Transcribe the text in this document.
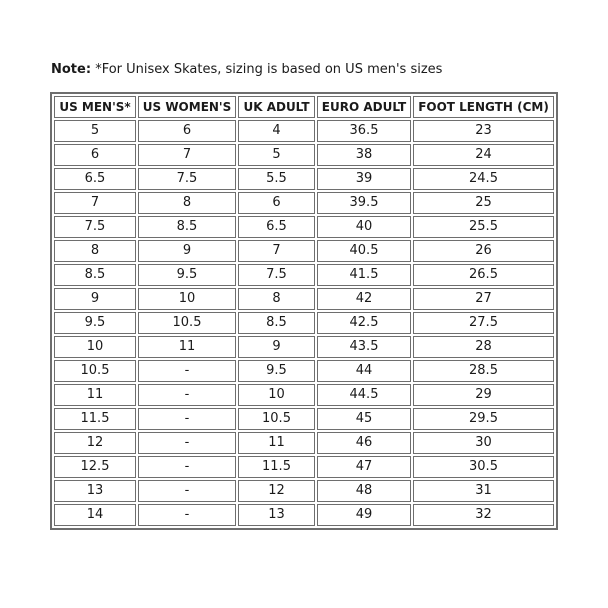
Note: *For Unisex Skates, sizing is based on US men's sizes
US MEN'S*	US WOMEN'S	UK ADULT	EURO ADULT	FOOT LENGTH (CM)
5	6	4	36.5	23
6	7	5	38	24
6.5	7.5	5.5	39	24.5
7	8	6	39.5	25
7.5	8.5	6.5	40	25.5
8	9	7	40.5	26
8.5	9.5	7.5	41.5	26.5
9	10	8	42	27
9.5	10.5	8.5	42.5	27.5
10	11	9	43.5	28
10.5	-	9.5	44	28.5
11	-	10	44.5	29
11.5	-	10.5	45	29.5
12	-	11	46	30
12.5	-	11.5	47	30.5
13	-	12	48	31
14	-	13	49	32
